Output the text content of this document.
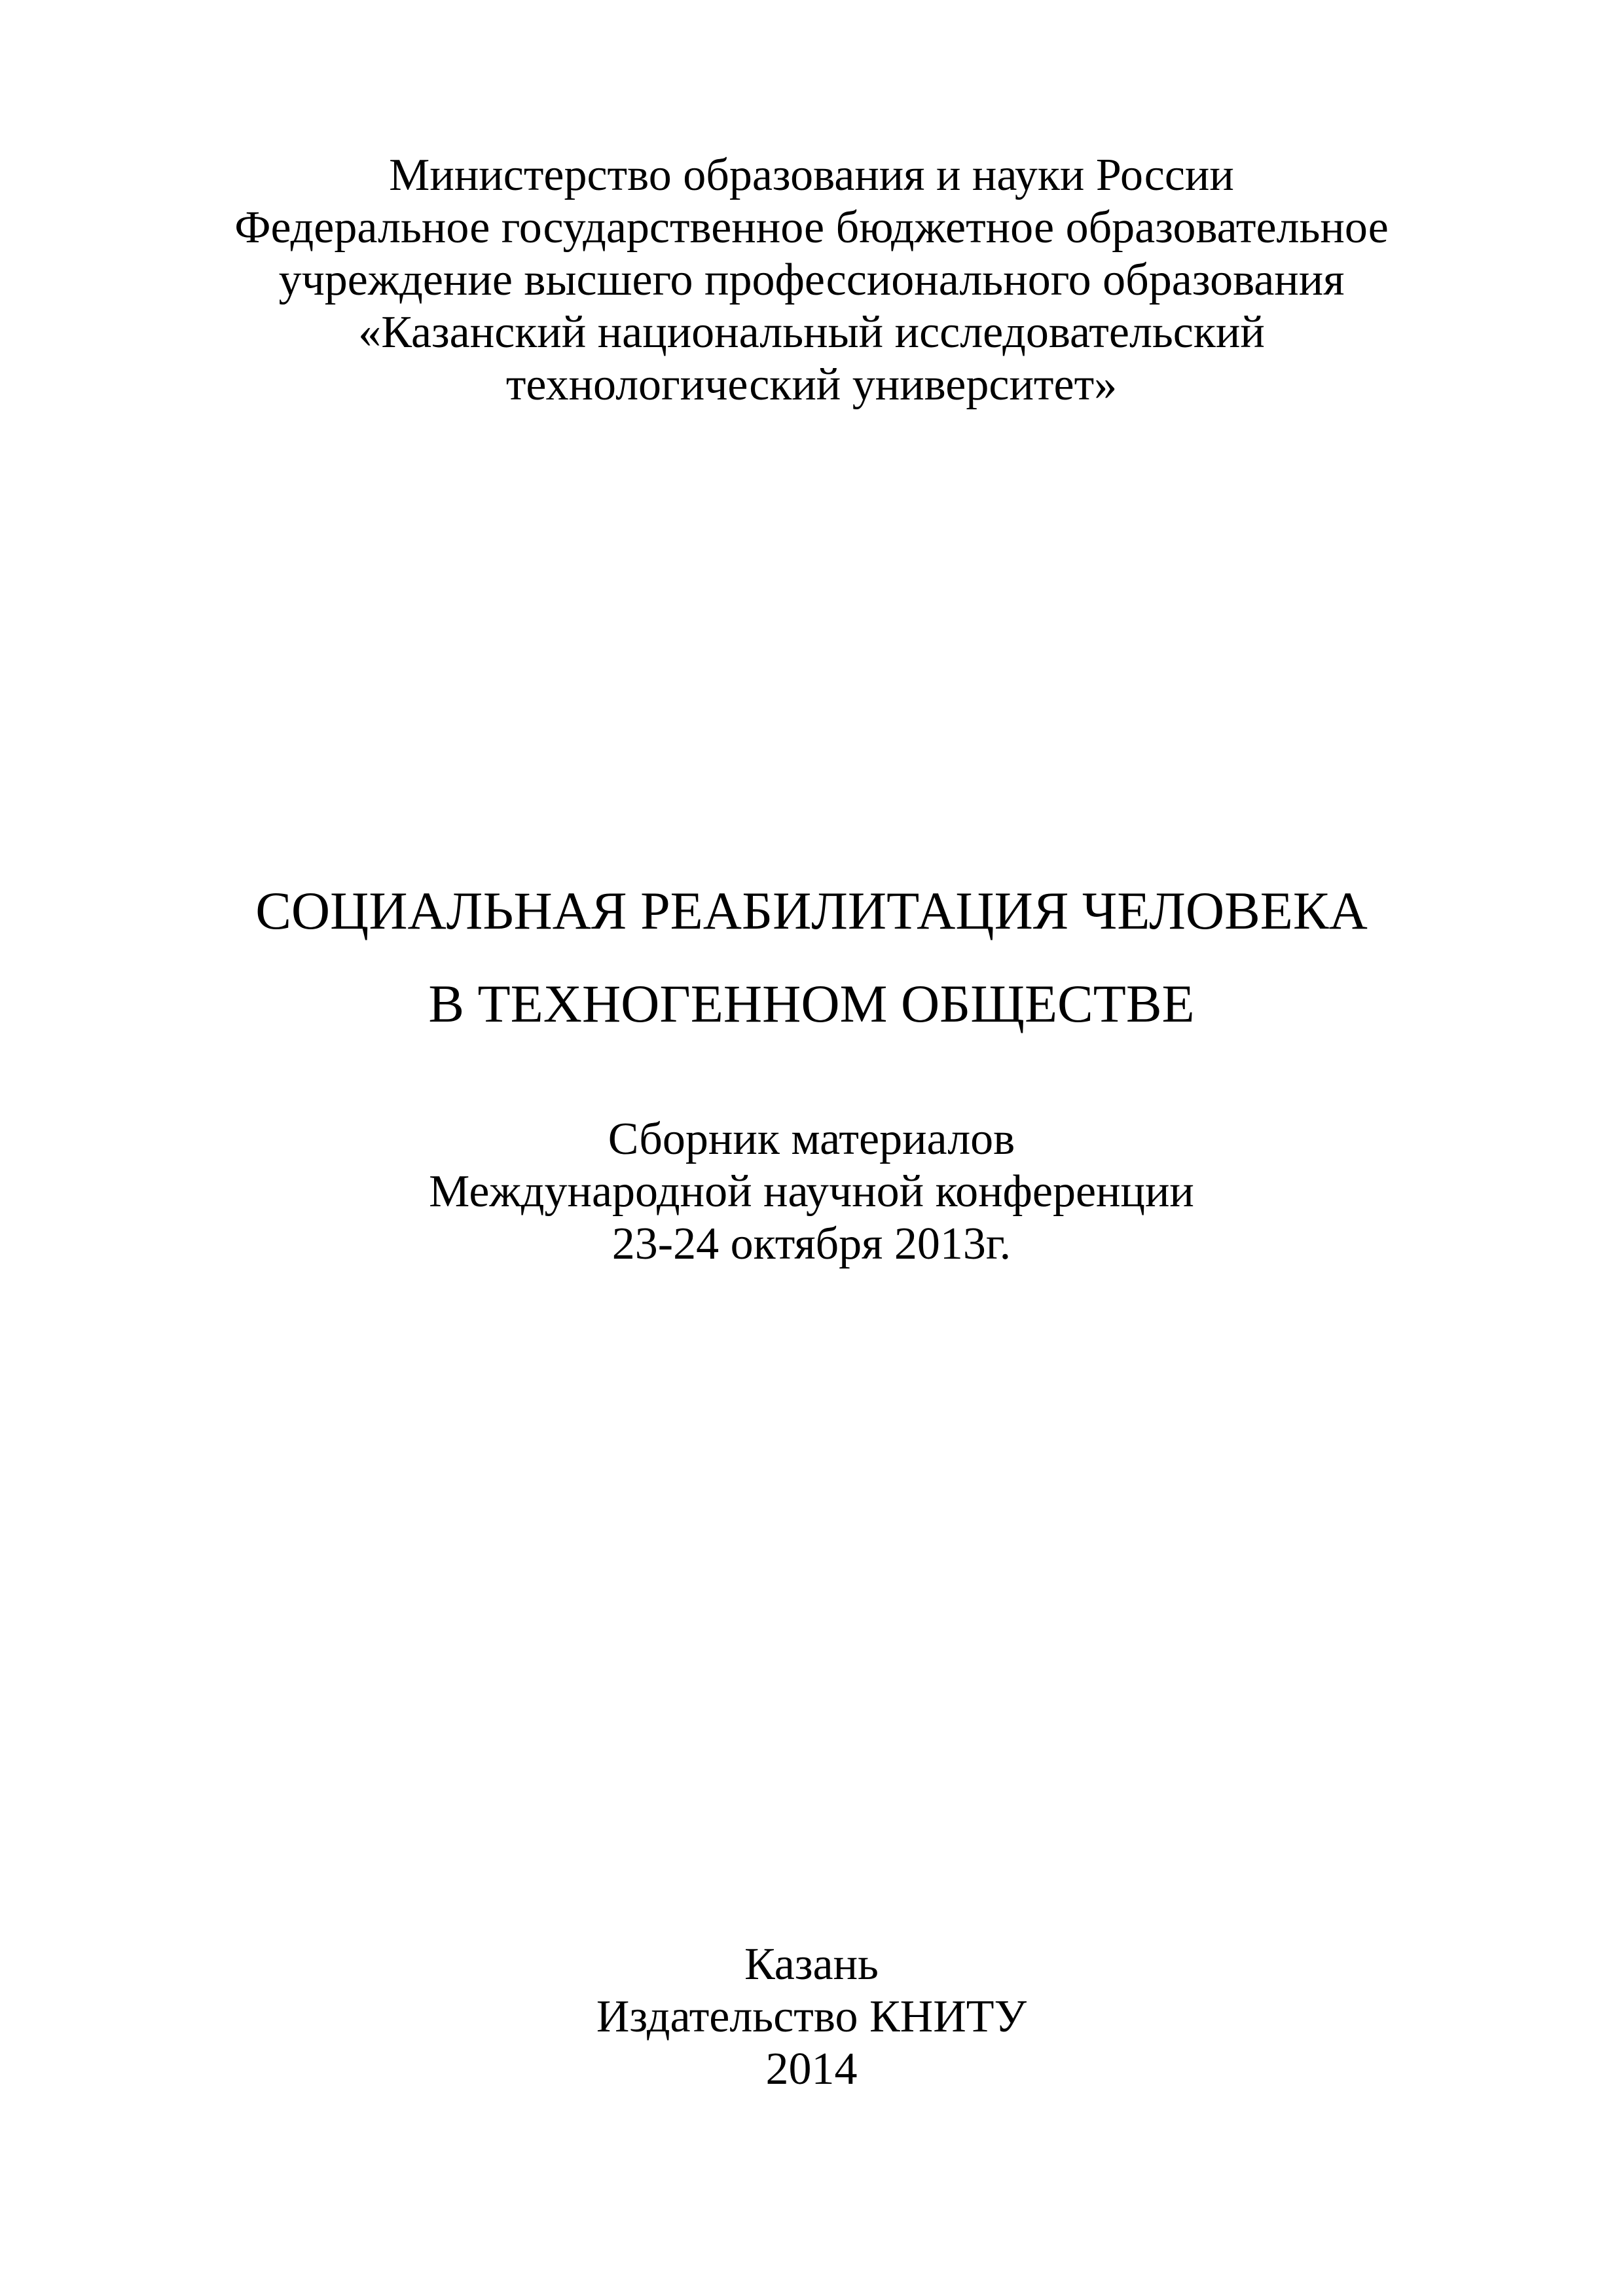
Министерство образования и науки России
Федеральное государственное бюджетное образовательное
учреждение высшего профессионального образования
«Казанский национальный исследовательский
технологический университет»
СОЦИАЛЬНАЯ РЕАБИЛИТАЦИЯ ЧЕЛОВЕКА
В ТЕХНОГЕННОМ ОБЩЕСТВЕ
Сборник материалов
Международной научной конференции
23-24 октября 2013г.
Казань
Издательство КНИТУ
2014
